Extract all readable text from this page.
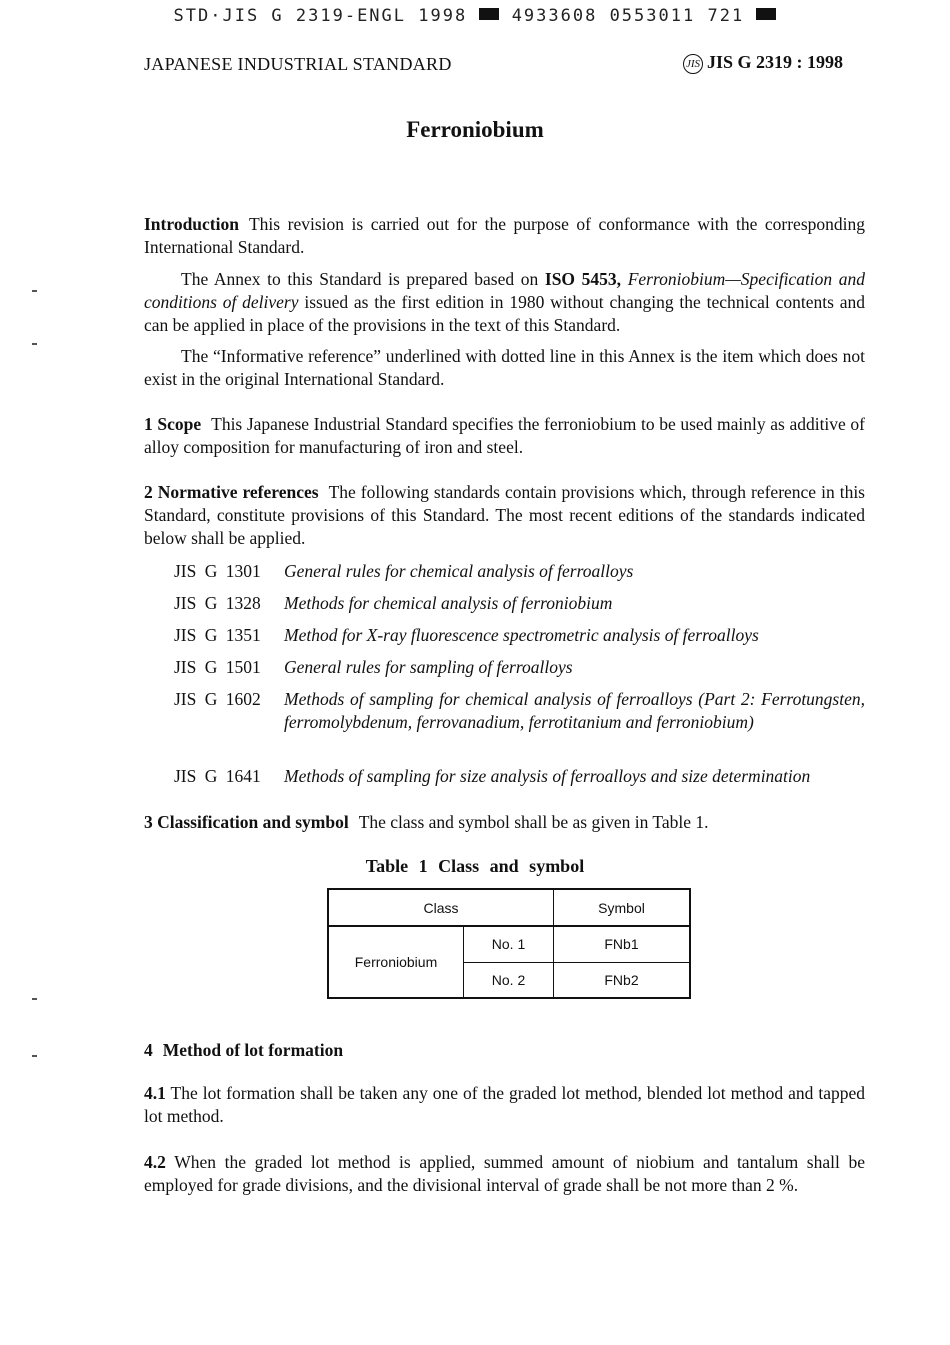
STD·JIS G 2319-ENGL 1998	4933608 0553011 721
JAPANESE INDUSTRIAL STANDARD	JIS JIS G 2319 : 1998
Ferroniobium
Introduction This revision is carried out for the purpose of conformance with the corresponding International Standard.
The Annex to this Standard is prepared based on ISO 5453, Ferroniobium—Specification and conditions of delivery issued as the first edition in 1980 without changing the technical contents and can be applied in place of the provisions in the text of this Standard.
The “Informative reference” underlined with dotted line in this Annex is the item which does not exist in the original International Standard.
1 Scope This Japanese Industrial Standard specifies the ferroniobium to be used mainly as additive of alloy composition for manufacturing of iron and steel.
2 Normative references The following standards contain provisions which, through reference in this Standard, constitute provisions of this Standard. The most recent editions of the standards indicated below shall be applied.
JIS G 1301	General rules for chemical analysis of ferroalloys
JIS G 1328	Methods for chemical analysis of ferroniobium
JIS G 1351	Method for X-ray fluorescence spectrometric analysis of ferroalloys
JIS G 1501	General rules for sampling of ferroalloys
JIS G 1602	Methods of sampling for chemical analysis of ferroalloys (Part 2: Ferrotungsten, ferromolybdenum, ferrovanadium, ferrotitanium and ferroniobium)
JIS G 1641	Methods of sampling for size analysis of ferroalloys and size determination
3 Classification and symbol The class and symbol shall be as given in Table 1.
Table 1 Class and symbol
Class		Symbol
Ferroniobium	No. 1	FNb1
	No. 2	FNb2
4 Method of lot formation
4.1 The lot formation shall be taken any one of the graded lot method, blended lot method and tapped lot method.
4.2 When the graded lot method is applied, summed amount of niobium and tantalum shall be employed for grade divisions, and the divisional interval of grade shall be not more than 2 %.
